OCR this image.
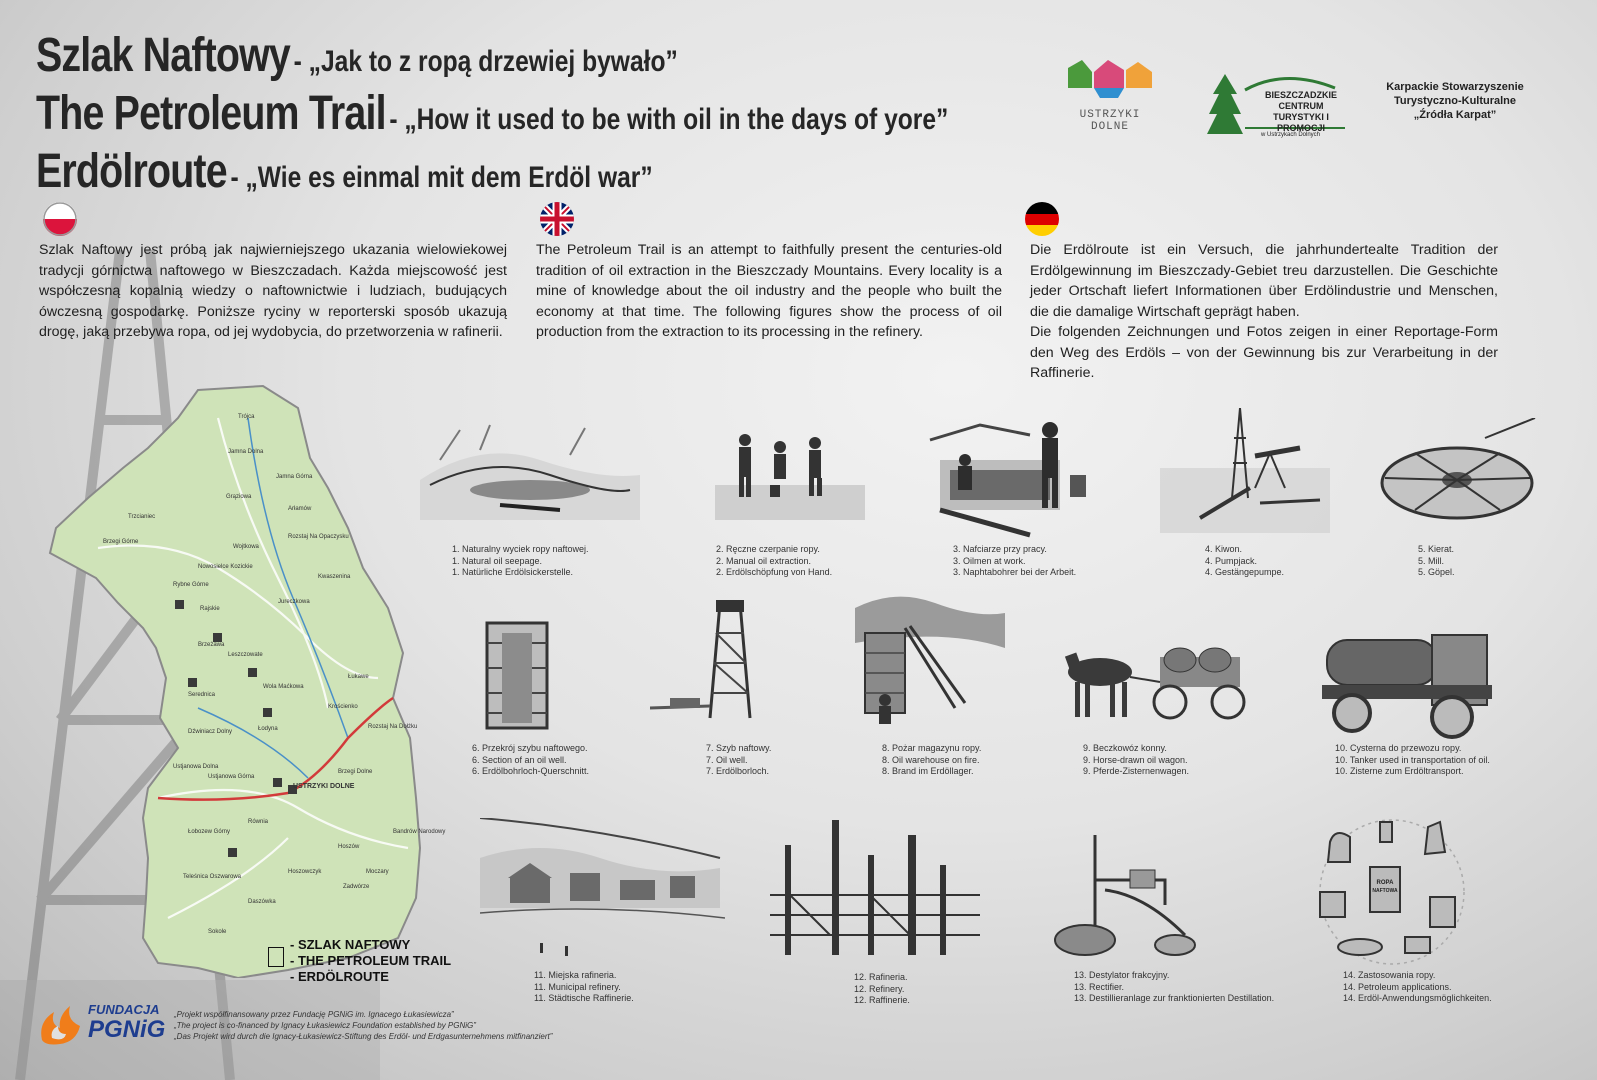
Szlak Naftowy - „Jak to z ropą drzewiej bywało”
The Petroleum Trail - „How it used to be with oil in the days of yore”
Erdölroute - „Wie es einmal mit dem Erdöl war”
USTRZYKI DOLNE
BIESZCZADZKIE
CENTRUM
TURYSTYKI I PROMOCJI
w Ustrzykach Dolnych
Karpackie Stowarzyszenie
Turystyczno-Kulturalne
„Źródła Karpat”
Szlak Naftowy jest próbą jak najwierniejszego ukazania wielowiekowej tradycji górnictwa naftowego w Bieszczadach. Każda miejscowość jest współczesną kopalnią wiedzy o naftownictwie i ludziach, budujących ówczesną gospodarkę. Poniższe ryciny w reporterski sposób ukazują drogę, jaką przebywa ropa, od jej wydobycia, do przetworzenia w rafinerii.
The Petroleum Trail is an attempt to faithfully present the centuries-old tradition of oil extraction in the Bieszczady Mountains. Every locality is a mine of knowledge about the oil industry and the people who built the economy at that time. The following figures show the process of oil production from the extraction to its processing in the refinery.
Die Erdölroute ist ein Versuch, die jahrhundertealte Tradition der Erdölgewinnung im Bieszczady-Gebiet treu darzustellen. Die Geschichte jeder Ortschaft liefert Informationen über Erdölindustrie und Menschen, die die damalige Wirtschaft geprägt haben.
Die folgenden Zeichnungen und Fotos zeigen in einer Reportage-Form den Weg des Erdöls – von der Gewinnung bis zur Verarbeitung in der Raffinerie.
Trójca
Jamna Dolna
Jamna Górna
Grąziowa
Trzcianiec
Arłamów
Rozstaj Na Opaczysku
Kwaszenina
Brzegi Górne
Wojtkowa
Nowosielce Kozickie
Jureczkowa
Rybne Górne
Rajskie
Brzeżawa
Leszczowate
Wola Maćkowa
Łodyna
Serednica
Rozstaj Na Dołżku
Ustjanowa Dolna
Ustjanowa Górna
USTRZYKI DOLNE
Brzegi Dolne
Równia
Łobozew Górny
Teleśnica Oszwarowa
Hoszów
Moczary
Bandrów Narodowy
Dźwiniacz Dolny
Krościenko
Zadwórze
Łukawe
Sokole
Daszówka
Hoszowczyk
- SZLAK NAFTOWY
- THE PETROLEUM TRAIL
- ERDÖLROUTE
1. Naturalny wyciek ropy naftowej.
1. Natural oil seepage.
1. Natürliche Erdölsickerstelle.
2. Ręczne czerpanie ropy.
2. Manual oil extraction.
2. Erdölschöpfung von Hand.
3. Nafciarze przy pracy.
3. Oilmen at work.
3. Naphtabohrer bei der Arbeit.
4. Kiwon.
4. Pumpjack.
4. Gestängepumpe.
5. Kierat.
5. Mill.
5. Göpel.
6. Przekrój szybu naftowego.
6. Section of an oil well.
6. Erdölbohrloch-Querschnitt.
7. Szyb naftowy.
7. Oil well.
7. Erdölborloch.
8. Pożar magazynu ropy.
8. Oil warehouse on fire.
8. Brand im Erdöllager.
9. Beczkowóz konny.
9. Horse-drawn oil wagon.
9. Pferde-Zisternenwagen.
10. Cysterna do przewozu ropy.
10. Tanker used in transportation of oil.
10. Zisterne zum Erdöltransport.
11. Miejska rafineria.
11. Municipal refinery.
11. Städtische Raffinerie.
12. Rafineria.
12. Refinery.
12. Raffinerie.
13. Destylator frakcyjny.
13. Rectifier.
13. Destillieranlage zur franktionierten Destillation.
ROPA
NAFTOWA
14. Zastosowania ropy.
14. Petroleum applications.
14. Erdöl-Anwendungsmöglichkeiten.
FUNDACJA
PGNiG
„Projekt współfinansowany przez Fundację PGNiG im. Ignacego Łukasiewicza”
„The project is co-financed by Ignacy Łukasiewicz Foundation established by PGNiG”
„Das Projekt wird durch die Ignacy-Łukasiewicz-Stiftung des Erdöl- und Erdgasunternehmens mitfinanziert”
